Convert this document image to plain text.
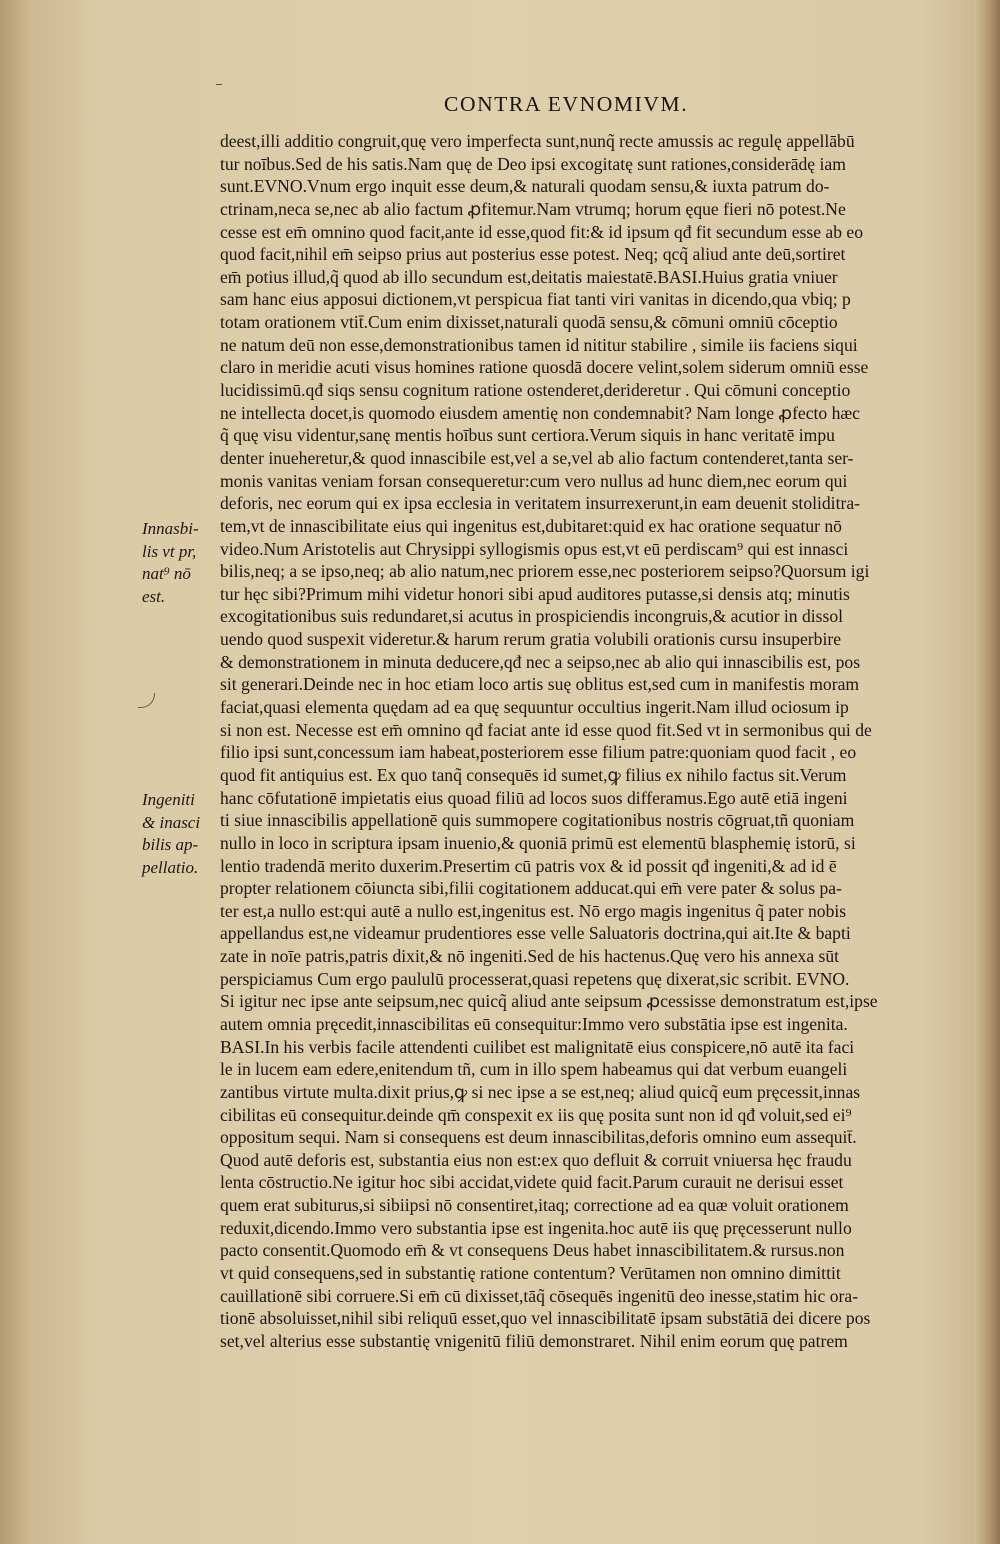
CONTRA EVNOMIVM.
deest,illi additio congruit,quę vero imperfecta sunt,nunq̃ recte amussis ac regulę appellābū
tur noībus.Sed de his satis.Nam quę de Deo ipsi excogitatę sunt rationes,considerādę iam
sunt.EVNO.Vnum ergo inquit esse deum,& naturali quodam sensu,& iuxta patrum do-
ctrinam,neca se,nec ab alio factum ꝓfitemur.Nam vtrumq; horum ęque fieri nō potest.Ne
cesse est em̄ omnino quod facit,ante id esse,quod fit:& id ipsum qđ fit secundum esse ab eo
quod facit,nihil em̄ seipso prius aut posterius esse potest. Neq; qcq̃ aliud ante deū,sortiret
em̄ potius illud,q̃ quod ab illo secundum est,deitatis maiestatē.BASI.Huius gratia vniuer
sam hanc eius apposui dictionem,vt perspicua fiat tanti viri vanitas in dicendo,qua vbiq; p
totam orationem vtit̄.Cum enim dixisset,naturali quodā sensu,& cōmuni omniū cōceptio
ne natum deū non esse,demonstrationibus tamen id nititur stabilire , simile iis faciens siqui
claro in meridie acuti visus homines ratione quosdā docere velint,solem siderum omniū esse
lucidissimū.qđ siqs sensu cognitum ratione ostenderet,derideretur . Qui cōmuni conceptio
ne intellecta docet,is quomodo eiusdem amentię non condemnabit? Nam longe ꝓfecto hæc
q̃ quę visu videntur,sanę mentis hoībus sunt certiora.Verum siquis in hanc veritatē impu
denter inueheretur,& quod innascibile est,vel a se,vel ab alio factum contenderet,tanta ser-
monis vanitas veniam forsan consequeretur:cum vero nullus ad hunc diem,nec eorum qui
deforis, nec eorum qui ex ipsa ecclesia in veritatem insurrexerunt,in eam deuenit stoliditra-
tem,vt de innascibilitate eius qui ingenitus est,dubitaret:quid ex hac oratione sequatur nō
video.Num Aristotelis aut Chrysippi syllogismis opus est,vt eū perdiscam⁹ qui est innasci
bilis,neq; a se ipso,neq; ab alio natum,nec priorem esse,nec posteriorem seipso?Quorsum igi
tur hęc sibi?Primum mihi videtur honori sibi apud auditores putasse,si densis atq; minutis
excogitationibus suis redundaret,si acutus in prospiciendis incongruis,& acutior in dissol
uendo quod suspexit videretur.& harum rerum gratia volubili orationis cursu insuperbire
& demonstrationem in minuta deducere,qđ nec a seipso,nec ab alio qui innascibilis est, pos
sit generari.Deinde nec in hoc etiam loco artis suę oblitus est,sed cum in manifestis moram
faciat,quasi elementa quędam ad ea quę sequuntur occultius ingerit.Nam illud ociosum ip
si non est. Necesse est em̄ omnino qđ faciat ante id esse quod fit.Sed vt in sermonibus qui de
filio ipsi sunt,concessum iam habeat,posteriorem esse filium patre:quoniam quod facit , eo
quod fit antiquius est. Ex quo tanq̃ consequēs id sumet,ꝙ filius ex nihilo factus sit.Verum
hanc cōfutationē impietatis eius quoad filiū ad locos suos differamus.Ego autē etiā ingeni
ti siue innascibilis appellationē quis summopere cogitationibus nostris cōgruat,tñ quoniam
nullo in loco in scriptura ipsam inuenio,& quoniā primū est elementū blasphemię istorū, si
lentio tradendā merito duxerim.Presertim cū patris vox & id possit qđ ingeniti,& ad id ē
propter relationem cōiuncta sibi,filii cogitationem adducat.qui em̄ vere pater & solus pa-
ter est,a nullo est:qui autē a nullo est,ingenitus est. Nō ergo magis ingenitus q̃ pater nobis
appellandus est,ne videamur prudentiores esse velle Saluatoris doctrina,qui ait.Ite & bapti
zate in noīe patris,patris dixit,& nō ingeniti.Sed de his hactenus.Quę vero his annexa sūt
perspiciamus Cum ergo paululū processerat,quasi repetens quę dixerat,sic scribit. EVNO.
Si igitur nec ipse ante seipsum,nec quicq̃ aliud ante seipsum ꝓcessisse demonstratum est,ipse
autem omnia pręcedit,innascibilitas eū consequitur:Immo vero substātia ipse est ingenita.
BASI.In his verbis facile attendenti cuilibet est malignitatē eius conspicere,nō autē ita faci
le in lucem eam edere,enitendum tñ, cum in illo spem habeamus qui dat verbum euangeli
zantibus virtute multa.dixit prius,ꝙ si nec ipse a se est,neq; aliud quicq̃ eum pręcessit,innas
cibilitas eū consequitur.deinde qm̄ conspexit ex iis quę posita sunt non id qđ voluit,sed ei⁹
oppositum sequi. Nam si consequens est deum innascibilitas,deforis omnino eum assequit̄.
Quod autē deforis est, substantia eius non est:ex quo defluit & corruit vniuersa hęc fraudu
lenta cōstructio.Ne igitur hoc sibi accidat,videte quid facit.Parum curauit ne derisui esset
quem erat subiturus,si sibiipsi nō consentiret,itaq; correctione ad ea quæ voluit orationem
reduxit,dicendo.Immo vero substantia ipse est ingenita.hoc autē iis quę pręcesserunt nullo
pacto consentit.Quomodo em̄ & vt consequens Deus habet innascibilitatem.& rursus.non
vt quid consequens,sed in substantię ratione contentum? Verūtamen non omnino dimittit
cauillationē sibi corruere.Si em̄ cū dixisset,tāq̃ cōsequēs ingenitū deo inesse,statim hic ora-
tionē absoluisset,nihil sibi reliquū esset,quo vel innascibilitatē ipsam substātiā dei dicere pos
set,vel alterius esse substantię vnigenitū filiū demonstraret. Nihil enim eorum quę patrem
Innasbi-
lis vt pr,
nat⁹ nō
est.
Ingeniti
& inasci
bilis ap-
pellatio.
